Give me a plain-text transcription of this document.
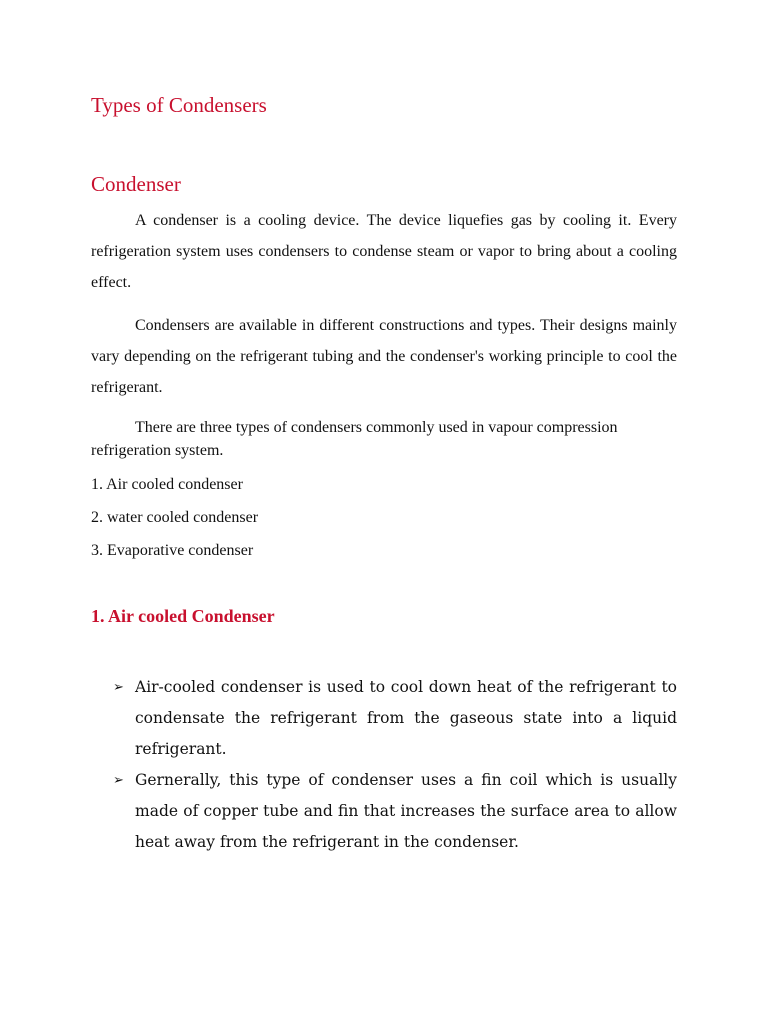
Types of Condensers
Condenser

A condenser is a cooling device. The device liquefies gas by cooling it. Every refrigeration system uses condensers to condense steam or vapor to bring about a cooling effect.

Condensers are available in different constructions and types. Their designs mainly vary depending on the refrigerant tubing and the condenser's working principle to cool the refrigerant.

There are three types of condensers commonly used in vapour compression refrigeration system.

1. Air cooled condenser
2. water cooled condenser
3. Evaporative condenser
1. Air cooled Condenser
➢ Air-cooled condenser is used to cool down heat of the refrigerant to condensate the refrigerant from the gaseous state into a liquid refrigerant.
➢ Gernerally, this type of condenser uses a fin coil which is usually made of copper tube and fin that increases the surface area to allow heat away from the refrigerant in the condenser.
